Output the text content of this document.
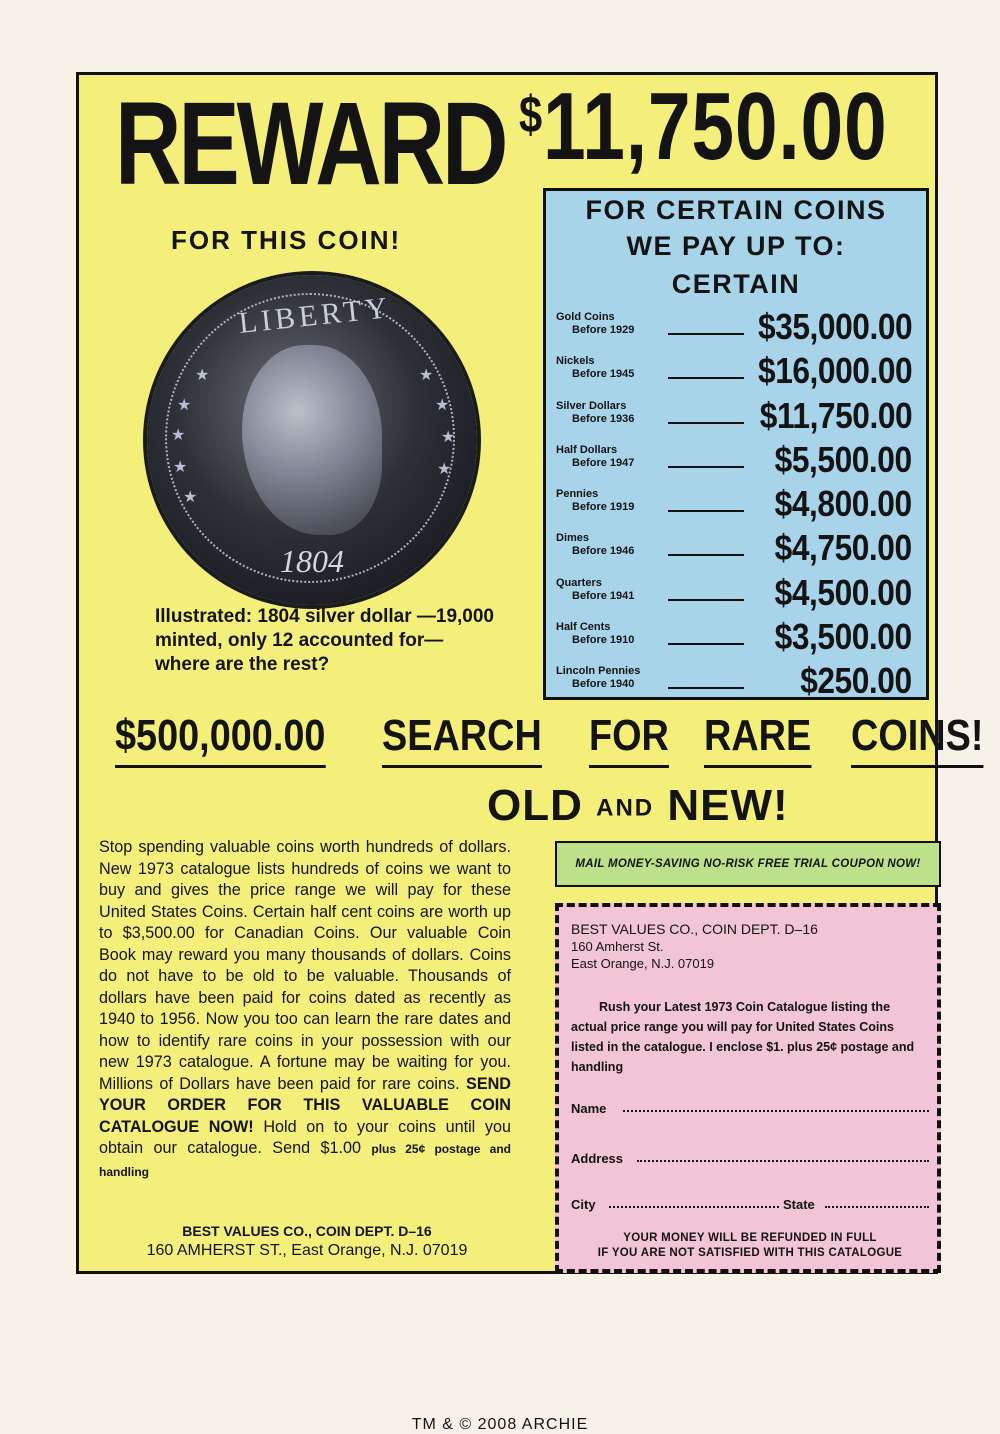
REWARD $11,750.00
FOR THIS COIN!
LIBERTY
1804
★
★
★
★
★	★
★
★
★
Illustrated: 1804 silver dollar —19,000 minted, only 12 accounted for—where are the rest?
FOR CERTAIN COINS
WE PAY UP TO:
CERTAIN
Gold Coins
Before 1929	$35,000.00
Nickels
Before 1945	$16,000.00
Silver Dollars
Before 1936	$11,750.00
Half Dollars
Before 1947	$5,500.00
Pennies
Before 1919	$4,800.00
Dimes
Before 1946	$4,750.00
Quarters
Before 1941	$4,500.00
Half Cents
Before 1910	$3,500.00
Lincoln Pennies
Before 1940	$250.00
$500,000.00 SEARCH FOR RARE COINS!
OLD AND NEW!
Stop spending valuable coins worth hundreds of dollars. New 1973 catalogue lists hundreds of coins we want to buy and gives the price range we will pay for these United States Coins. Certain half cent coins are worth up to $3,500.00 for Canadian Coins. Our valuable Coin Book may reward you many thousands of dollars. Coins do not have to be old to be valuable. Thousands of dollars have been paid for coins dated as recently as 1940 to 1956. Now you too can learn the rare dates and how to identify rare coins in your possession with our new 1973 catalogue. A fortune may be waiting for you. Millions of Dollars have been paid for rare coins. SEND YOUR ORDER FOR THIS VALUABLE COIN CATALOGUE NOW! Hold on to your coins until you obtain our catalogue. Send $1.00 plus 25¢ postage and handling
BEST VALUES CO., COIN DEPT. D–16
160 AMHERST ST., East Orange, N.J. 07019
MAIL MONEY-SAVING NO-RISK FREE TRIAL COUPON NOW!
BEST VALUES CO., COIN DEPT. D–16
160 Amherst St.
East Orange, N.J. 07019
Rush your Latest 1973 Coin Catalogue listing the actual price range you will pay for United States Coins listed in the catalogue. I enclose $1. plus 25¢ postage and handling
Name
Address
City	State
YOUR MONEY WILL BE REFUNDED IN FULL
IF YOU ARE NOT SATISFIED WITH THIS CATALOGUE
TM & © 2008 ARCHIE
